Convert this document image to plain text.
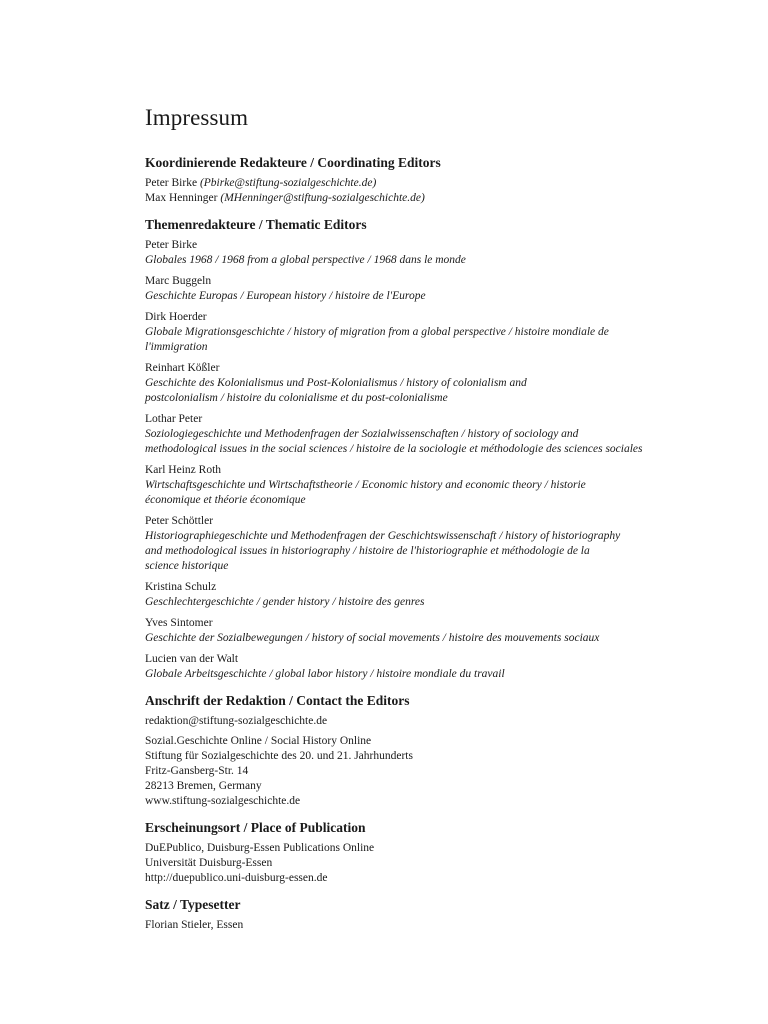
Impressum
Koordinierende Redakteure / Coordinating Editors
Peter Birke (Pbirke@stiftung-sozialgeschichte.de)
Max Henninger (MHenninger@stiftung-sozialgeschichte.de)
Themenredakteure / Thematic Editors
Peter Birke
Globales 1968 / 1968 from a global perspective / 1968 dans le monde
Marc Buggeln
Geschichte Europas / European history / histoire de l'Europe
Dirk Hoerder
Globale Migrationsgeschichte / history of migration from a global perspective / histoire mondiale de
l'immigration
Reinhart Kößler
Geschichte des Kolonialismus und Post-Kolonialismus / history of colonialism and
postcolonialism / histoire du colonialisme et du post-colonialisme
Lothar Peter
Soziologiegeschichte und Methodenfragen der Sozialwissenschaften / history of sociology and
methodological issues in the social sciences / histoire de la sociologie et méthodologie des sciences sociales
Karl Heinz Roth
Wirtschaftsgeschichte und Wirtschaftstheorie / Economic history and economic theory / historie
économique et théorie économique
Peter Schöttler
Historiographiegeschichte und Methodenfragen der Geschichtswissenschaft / history of historiography
and methodological issues in historiography / histoire de l'historiographie et méthodologie de la
science historique
Kristina Schulz
Geschlechtergeschichte / gender history / histoire des genres
Yves Sintomer
Geschichte der Sozialbewegungen / history of social movements / histoire des mouvements sociaux
Lucien van der Walt
Globale Arbeitsgeschichte / global labor history / histoire mondiale du travail
Anschrift der Redaktion / Contact the Editors
redaktion@stiftung-sozialgeschichte.de
Sozial.Geschichte Online / Social History Online
Stiftung für Sozialgeschichte des 20. und 21. Jahrhunderts
Fritz-Gansberg-Str. 14
28213 Bremen, Germany
www.stiftung-sozialgeschichte.de
Erscheinungsort / Place of Publication
DuEPublico, Duisburg-Essen Publications Online
Universität Duisburg-Essen
http://duepublico.uni-duisburg-essen.de
Satz / Typesetter
Florian Stieler, Essen
